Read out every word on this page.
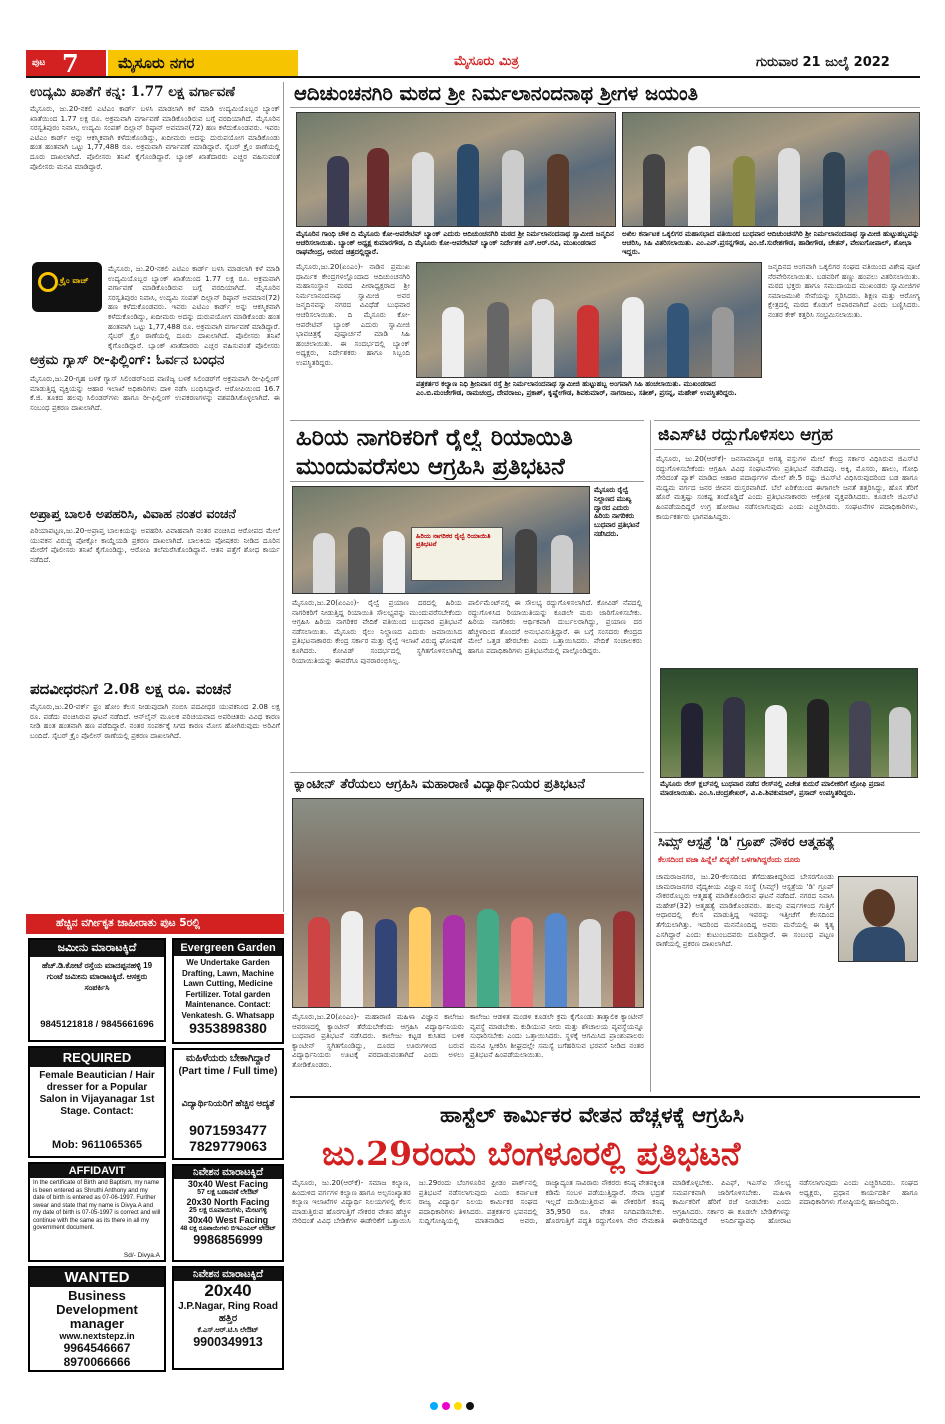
ಪುಟ 7	ಮೈಸೂರು ನಗರ	ಮೈಸೂರು ಮಿತ್ರ	ಗುರುವಾರ 21 ಜುಲೈ 2022
ಉದ್ಯಮಿ ಖಾತೆಗೆ ಕನ್ನ: 1.77 ಲಕ್ಷ ವರ್ಗಾವಣೆ
ಮೈಸೂರು, ಜು.20-ನಕಲಿ ಎಟಿಎಂ ಕಾರ್ಡ್ ಬಳಸಿ ಮಾಡಲಾಗಿ ಕಳೆ ಮಾಡಿ ಉದ್ಯಮಿಯೊಬ್ಬರ ಬ್ಯಾಂಕ್ ಖಾತೆಯಿಂದ 1.77 ಲಕ್ಷ ರೂ. ಅಕ್ರಮವಾಗಿ ವರ್ಗಾವಣೆ ಮಾಡಿಕೊಂಡಿರುವ ಬಗ್ಗೆ ವರದಿಯಾಗಿದೆ. ಮೈಸೂರಿನ ಸರಸ್ವತಿಪುರಂ ನಿವಾಸಿ, ಉದ್ಯಮಿ ಸಂಪತ್ ದಿಲ್ಲಾನ್ ರಿಷ್ಠಾನ್ ಅವಮಾನ(72) ಹಣ ಕಳೆದುಕೊಂಡವರು. ಇವರು ಎಟಿಎಂ ಕಾರ್ಡ್ ಅನ್ನು ಆಕಸ್ಮಿಕವಾಗಿ ಕಳೆದುಕೊಂಡಿದ್ದು, ಖದೀಮರು ಅದನ್ನು ದುರುಪಯೋಗ ಮಾಡಿಕೊಂಡು ಹಂತ ಹಂತವಾಗಿ ಒಟ್ಟು 1,77,488 ರೂ. ಅಕ್ರಮವಾಗಿ ವರ್ಗಾವಣೆ ಮಾಡಿದ್ದಾರೆ. ಸೈಬರ್ ಕ್ರೈಂ ಠಾಣೆಯಲ್ಲಿ ದೂರು ದಾಖಲಾಗಿದೆ. ಪೊಲೀಸರು ತನಿಖೆ ಕೈಗೊಂಡಿದ್ದಾರೆ. ಬ್ಯಾಂಕ್ ಖಾತೆದಾರರು ಎಚ್ಚರ ವಹಿಸುವಂತೆ ಪೊಲೀಸರು ಮನವಿ ಮಾಡಿದ್ದಾರೆ.
ಕ್ರೈಂ ವಾಚ್
ಮೈಸೂರು, ಜು.20-ನಕಲಿ ಎಟಿಎಂ ಕಾರ್ಡ್ ಬಳಸಿ ಮಾಡಲಾಗಿ ಕಳೆ ಮಾಡಿ ಉದ್ಯಮಿಯೊಬ್ಬರ ಬ್ಯಾಂಕ್ ಖಾತೆಯಿಂದ 1.77 ಲಕ್ಷ ರೂ. ಅಕ್ರಮವಾಗಿ ವರ್ಗಾವಣೆ ಮಾಡಿಕೊಂಡಿರುವ ಬಗ್ಗೆ ವರದಿಯಾಗಿದೆ. ಮೈಸೂರಿನ ಸರಸ್ವತಿಪುರಂ ನಿವಾಸಿ, ಉದ್ಯಮಿ ಸಂಪತ್ ದಿಲ್ಲಾನ್ ರಿಷ್ಠಾನ್ ಅವಮಾನ(72) ಹಣ ಕಳೆದುಕೊಂಡವರು. ಇವರು ಎಟಿಎಂ ಕಾರ್ಡ್ ಅನ್ನು ಆಕಸ್ಮಿಕವಾಗಿ ಕಳೆದುಕೊಂಡಿದ್ದು, ಖದೀಮರು ಅದನ್ನು ದುರುಪಯೋಗ ಮಾಡಿಕೊಂಡು ಹಂತ ಹಂತವಾಗಿ ಒಟ್ಟು 1,77,488 ರೂ. ಅಕ್ರಮವಾಗಿ ವರ್ಗಾವಣೆ ಮಾಡಿದ್ದಾರೆ. ಸೈಬರ್ ಕ್ರೈಂ ಠಾಣೆಯಲ್ಲಿ ದೂರು ದಾಖಲಾಗಿದೆ. ಪೊಲೀಸರು ತನಿಖೆ ಕೈಗೊಂಡಿದ್ದಾರೆ. ಬ್ಯಾಂಕ್ ಖಾತೆದಾರರು ಎಚ್ಚರ ವಹಿಸುವಂತೆ ಪೊಲೀಸರು
ಅಕ್ರಮ ಗ್ಯಾಸ್ ರೀ-ಫಿಲ್ಲಿಂಗ್: ಓರ್ವನ ಬಂಧನ
ಮೈಸೂರು,ಜು.20-ಗೃಹ ಬಳಕೆ ಗ್ಯಾಸ್ ಸಿಲಿಂಡರ್‌ನಿಂದ ವಾಣಿಜ್ಯ ಬಳಕೆ ಸಿಲಿಂಡರ್‌ಗೆ ಅಕ್ರಮವಾಗಿ ರೀ-ಫಿಲ್ಲಿಂಗ್ ಮಾಡುತ್ತಿದ್ದ ವ್ಯಕ್ತಿಯನ್ನು ಆಹಾರ ಇಲಾಖೆ ಅಧಿಕಾರಿಗಳು ದಾಳಿ ನಡೆಸಿ ಬಂಧಿಸಿದ್ದಾರೆ. ಆರೋಪಿಯಿಂದ 16.7 ಕೆ.ಜಿ. ತೂಕದ ಹಲವು ಸಿಲಿಂಡರ್‌ಗಳು ಹಾಗೂ ರೀ-ಫಿಲ್ಲಿಂಗ್ ಉಪಕರಣಗಳನ್ನು ವಶಪಡಿಸಿಕೊಳ್ಳಲಾಗಿದೆ. ಈ ಸಂಬಂಧ ಪ್ರಕರಣ ದಾಖಲಾಗಿದೆ.
ಅಪ್ರಾಪ್ತ ಬಾಲಕಿ ಅಪಹರಿಸಿ, ವಿವಾಹ ನಂತರ ವಂಚನೆ
ಪಿರಿಯಾಪಟ್ಟಣ,ಜು.20-ಅಪ್ರಾಪ್ತ ಬಾಲಕಿಯನ್ನು ಅಪಹರಿಸಿ ವಿವಾಹವಾಗಿ ನಂತರ ವಂಚಿಸಿದ ಆರೋಪದ ಮೇಲೆ ಯುವಕನ ವಿರುದ್ಧ ಪೋಕ್ಸೋ ಕಾಯ್ದೆಯಡಿ ಪ್ರಕರಣ ದಾಖಲಾಗಿದೆ. ಬಾಲಕಿಯ ಪೋಷಕರು ನೀಡಿದ ದೂರಿನ ಮೇರೆಗೆ ಪೊಲೀಸರು ತನಿಖೆ ಕೈಗೊಂಡಿದ್ದು, ಆರೋಪಿ ತಲೆಮರೆಸಿಕೊಂಡಿದ್ದಾನೆ. ಆತನ ಪತ್ತೆಗೆ ಶೋಧ ಕಾರ್ಯ ನಡೆದಿದೆ.
ಪದವೀಧರನಿಗೆ 2.08 ಲಕ್ಷ ರೂ. ವಂಚನೆ
ಮೈಸೂರು,ಜು.20-ವರ್ಕ್ ಫ್ರಂ ಹೋಂ ಕೆಲಸ ನೀಡುವುದಾಗಿ ನಂಬಿಸಿ ಪದವೀಧರ ಯುವಕನಿಂದ 2.08 ಲಕ್ಷ ರೂ. ಪಡೆದು ವಂಚಿಸಿರುವ ಘಟನೆ ನಡೆದಿದೆ. ಆನ್‌ಲೈನ್ ಮೂಲಕ ಪರಿಚಯವಾದ ಅಪರಿಚಿತರು ವಿವಿಧ ಕಾರಣ ನೀಡಿ ಹಂತ ಹಂತವಾಗಿ ಹಣ ಪಡೆದಿದ್ದಾರೆ. ನಂತರ ಸಂಪರ್ಕಕ್ಕೆ ಸಿಗದ ಕಾರಣ ಮೋಸ ಹೋಗಿರುವುದು ಅರಿವಿಗೆ ಬಂದಿದೆ. ಸೈಬರ್ ಕ್ರೈಂ ಪೊಲೀಸ್ ಠಾಣೆಯಲ್ಲಿ ಪ್ರಕರಣ ದಾಖಲಾಗಿದೆ.
ಹೆಚ್ಚಿನ ವರ್ಗೀಕೃತ ಜಾಹೀರಾತು ಪುಟ 5ರಲ್ಲಿ
ಜಮೀನು ಮಾರಾಟಕ್ಕಿದೆ
ಹೆಚ್.ಡಿ.ಕೋಟೆ ರಸ್ತೆಯ ಮಾದಪ್ಪನಹಳ್ಳಿ 19 ಗುಂಟೆ ಜಮೀನು ಮಾರಾಟಕ್ಕಿದೆ. ಆಸಕ್ತರು ಸಂಪರ್ಕಿಸಿ
9845121818 / 9845661696
Evergreen Garden
We Undertake Garden Drafting, Lawn, Machine Lawn Cutting, Medicine Fertilizer. Total garden Maintenance. Contact: Venkatesh. G. Whatsapp
9353898380
REQUIRED
Female Beautician / Hair dresser for a Popular Salon in Vijayanagar 1st Stage. Contact:
Mob: 9611065365
ಮಹಿಳೆಯರು ಬೇಕಾಗಿದ್ದಾರೆ (Part time / Full time)
ವಿದ್ಯಾರ್ಥಿನಿಯರಿಗೆ ಹೆಚ್ಚಿನ ಆದ್ಯತೆ
9071593477
7829779063
AFFIDAVIT
In the certificate of Birth and Baptism, my name is been entered as Shruthi Anthony and my date of birth is entered as 07-06-1997. Further swear and state that my name is Divya.A and my date of birth is 07-05-1997 is correct and will continue with the same as its there in all my government document.
Sd/- Divya.A
ನಿವೇಶನ ಮಾರಾಟಕ್ಕಿದೆ
30x40 West Facing
57 ಲಕ್ಷ ಬಡಾವಣೆ ಲೇಔಟ್
20x30 North Facing
25 ಲಕ್ಷ ರೂಪಾಯಿಗಳು, ಮೇಟಗಳ್ಳಿ
30x40 West Facing
48 ಲಕ್ಷ ರೂಪಾಯಿಗಳು ಬಿಇಎಂಎಲ್ ಲೇಔಟ್
9986856999
WANTED
Business Development manager
www.nextstepz.in
9964546667
8970066666
ನಿವೇಶನ ಮಾರಾಟಕ್ಕಿದೆ
20x40
J.P.Nagar, Ring Road ಹತ್ತಿರ
ಕೆ.ಎಸ್.ಆರ್.ಟಿ.ಸಿ ಲೇಔಟ್
9900349913
ಆದಿಚುಂಚನಗಿರಿ ಮಠದ ಶ್ರೀ ನಿರ್ಮಲಾನಂದನಾಥ ಶ್ರೀಗಳ ಜಯಂತಿ
ಮೈಸೂರಿನ ಗಾಂಧಿ ಚೌಕ ದಿ ಮೈಸೂರು ಕೋ-ಆಪರೇಟಿವ್ ಬ್ಯಾಂಕ್ ಎದುರು ಆದಿಚುಂಚನಗಿರಿ ಮಠದ ಶ್ರೀ ನಿರ್ಮಲಾನಂದನಾಥ ಸ್ವಾಮೀಜಿ ಜನ್ಮದಿನ ಆಚರಿಸಲಾಯಿತು. ಬ್ಯಾಂಕ್ ಅಧ್ಯಕ್ಷ ಕುಮಾರಗೌಡ, ದಿ ಮೈಸೂರು ಕೋ-ಆಪರೇಟಿವ್ ಬ್ಯಾಂಕ್ ನಿರ್ದೇಶಕ ಎಸ್.ಆರ್.ರವಿ, ಮುಖಂಡರಾದ ರಾಘವೇಂದ್ರ, ಆನಂದ ಚಿತ್ರದಲ್ಲಿದ್ದಾರೆ.
ಅಖಿಲ ಕರ್ನಾಟಕ ಒಕ್ಕಲಿಗರ ಮಹಾಸಭಾದ ವತಿಯಿಂದ ಬುಧವಾರ ಆದಿಚುಂಚನಗಿರಿ ಶ್ರೀ ನಿರ್ಮಲಾನಂದನಾಥ ಸ್ವಾಮೀಜಿ ಹುಟ್ಟುಹಬ್ಬವನ್ನು ಆಚರಿಸಿ, ಸಿಹಿ ವಿತರಿಸಲಾಯಿತು. ಎಂ.ಎನ್.ಪ್ರಸನ್ನಗೌಡ, ಎಂ.ಜೆ.ಸುರೇಶಗೌಡ, ಹಾಡೀಗೌಡ, ಚೇತನ್, ವೇಣುಗೋಪಾಲ್, ಶೋಭಾ ಇದ್ದರು.
ಮೈಸೂರು,ಜು.20(ಏಂಎಂ)- ನಾಡಿನ ಪ್ರಮುಖ ಧಾರ್ಮಿಕ ಕೇಂದ್ರಗಳಲ್ಲೊಂದಾದ ಆದಿಚುಂಚನಗಿರಿ ಮಹಾಸಂಸ್ಥಾನ ಮಠದ ಪೀಠಾಧ್ಯಕ್ಷರಾದ ಶ್ರೀ ನಿರ್ಮಲಾನಂದನಾಥ ಸ್ವಾಮೀಜಿ ಅವರ ಜನ್ಮದಿನವನ್ನು ನಗರದ ವಿವಿಧೆಡೆ ಬುಧವಾರ ಆಚರಿಸಲಾಯಿತು. ದಿ ಮೈಸೂರು ಕೋ-ಆಪರೇಟಿವ್ ಬ್ಯಾಂಕ್ ಎದುರು ಸ್ವಾಮೀಜಿ ಭಾವಚಿತ್ರಕ್ಕೆ ಪುಷ್ಪಾರ್ಚನೆ ಮಾಡಿ ಸಿಹಿ ಹಂಚಲಾಯಿತು. ಈ ಸಂದರ್ಭದಲ್ಲಿ ಬ್ಯಾಂಕ್ ಅಧ್ಯಕ್ಷರು, ನಿರ್ದೇಶಕರು ಹಾಗೂ ಸಿಬ್ಬಂದಿ ಉಪಸ್ಥಿತರಿದ್ದರು.
ಪತ್ರಕರ್ತರ ಕಲ್ಯಾಣ ನಿಧಿ ಶ್ರೀನಿವಾಸ ರಸ್ತೆ ಶ್ರೀ ನಿರ್ಮಲಾನಂದನಾಥ ಸ್ವಾಮೀಜಿ ಹುಟ್ಟುಹಬ್ಬ ಅಂಗವಾಗಿ ಸಿಹಿ ಹಂಚಲಾಯಿತು. ಮುಖಂಡರಾದ ಎಂ.ಬಿ.ಮಂಜೇಗೌಡ, ರಾಮಚಂದ್ರ, ದೇವರಾಜು, ಪ್ರಕಾಶ್, ಕೃಷ್ಣೇಗೌಡ, ಶಿವಕುಮಾರ್, ನಾಗರಾಜು, ಸತೀಶ್, ಪ್ರಸನ್ನ, ಮಹೇಶ್ ಉಪಸ್ಥಿತರಿದ್ದರು.
ಜನ್ಮದಿನದ ಅಂಗವಾಗಿ ಒಕ್ಕಲಿಗರ ಸಂಘದ ವತಿಯಿಂದ ವಿಶೇಷ ಪೂಜೆ ನೆರವೇರಿಸಲಾಯಿತು. ಬಡವರಿಗೆ ಹಣ್ಣು ಹಂಪಲು ವಿತರಿಸಲಾಯಿತು. ಮಠದ ಭಕ್ತರು ಹಾಗೂ ಸಮುದಾಯದ ಮುಖಂಡರು ಸ್ವಾಮೀಜಿಗಳ ಸಮಾಜಮುಖಿ ಸೇವೆಯನ್ನು ಸ್ಮರಿಸಿದರು. ಶಿಕ್ಷಣ ಮತ್ತು ಆರೋಗ್ಯ ಕ್ಷೇತ್ರದಲ್ಲಿ ಮಠದ ಕೊಡುಗೆ ಅಪಾರವಾಗಿದೆ ಎಂದು ಬಣ್ಣಿಸಿದರು. ನಂತರ ಕೇಕ್ ಕತ್ತರಿಸಿ ಸಂಭ್ರಮಿಸಲಾಯಿತು.
ಹಿರಿಯ ನಾಗರಿಕರಿಗೆ ರೈಲ್ವೆ ರಿಯಾಯಿತಿ
ಮುಂದುವರೆಸಲು ಆಗ್ರಹಿಸಿ ಪ್ರತಿಭಟನೆ
ಹಿರಿಯ ನಾಗರಿಕರ ರೈಲ್ವೆ ರಿಯಾಯಿತಿ ಪ್ರತಿಭಟನೆ
ಮೈಸೂರು ರೈಲ್ವೆ ನಿಲ್ದಾಣದ ಮುಖ್ಯ ದ್ವಾರದ ಎದುರು ಹಿರಿಯ ನಾಗರಿಕರು ಬುಧವಾರ ಪ್ರತಿಭಟನೆ ನಡೆಸಿದರು.
ಮೈಸೂರು,ಜು.20(ಏಂಎಂ)- ರೈಲ್ವೆ ಪ್ರಯಾಣ ದರದಲ್ಲಿ ಹಿರಿಯ ನಾಗರಿಕರಿಗೆ ನೀಡುತ್ತಿದ್ದ ರಿಯಾಯಿತಿ ಸೌಲಭ್ಯವನ್ನು ಮುಂದುವರೆಸಬೇಕೆಂದು ಆಗ್ರಹಿಸಿ ಹಿರಿಯ ನಾಗರಿಕರ ವೇದಿಕೆ ವತಿಯಿಂದ ಬುಧವಾರ ಪ್ರತಿಭಟನೆ ನಡೆಸಲಾಯಿತು. ಮೈಸೂರು ರೈಲು ನಿಲ್ದಾಣದ ಎದುರು ಜಮಾಯಿಸಿದ ಪ್ರತಿಭಟನಾಕಾರರು ಕೇಂದ್ರ ಸರ್ಕಾರ ಮತ್ತು ರೈಲ್ವೆ ಇಲಾಖೆ ವಿರುದ್ಧ ಘೋಷಣೆ ಕೂಗಿದರು. ಕೋವಿಡ್ ಸಂದರ್ಭದಲ್ಲಿ ಸ್ಥಗಿತಗೊಳಿಸಲಾಗಿದ್ದ ರಿಯಾಯಿತಿಯನ್ನು ಈವರೆಗೂ ಪುನರಾರಂಭಿಸಿಲ್ಲ.
ಪಾರ್ಲಿಮೆಂಟ್‌ನಲ್ಲಿ ಈ ಸೌಲಭ್ಯ ರದ್ದುಗೊಳಿಸಲಾಗಿದೆ. ಕೋವಿಡ್ ನೆಪದಲ್ಲಿ ರದ್ದುಗೊಳಿಸಿದ ರಿಯಾಯಿತಿಯನ್ನು ಕೂಡಲೇ ಮರು ಜಾರಿಗೊಳಿಸಬೇಕು. ಹಿರಿಯ ನಾಗರಿಕರು ಆರ್ಥಿಕವಾಗಿ ದುರ್ಬಲರಾಗಿದ್ದು, ಪ್ರಯಾಣ ದರ ಹೆಚ್ಚಳದಿಂದ ತೊಂದರೆ ಅನುಭವಿಸುತ್ತಿದ್ದಾರೆ. ಈ ಬಗ್ಗೆ ಸಂಸದರು ಕೇಂದ್ರದ ಮೇಲೆ ಒತ್ತಡ ಹೇರಬೇಕು ಎಂದು ಒತ್ತಾಯಿಸಿದರು. ವೇದಿಕೆ ಸಂಚಾಲಕರು ಹಾಗೂ ಪದಾಧಿಕಾರಿಗಳು ಪ್ರತಿಭಟನೆಯಲ್ಲಿ ಪಾಲ್ಗೊಂಡಿದ್ದರು.
ಕ್ಯಾಂಟೀನ್ ತೆರೆಯಲು ಆಗ್ರಹಿಸಿ ಮಹಾರಾಣಿ ವಿದ್ಯಾರ್ಥಿನಿಯರ ಪ್ರತಿಭಟನೆ
ಮೈಸೂರು,ಜು.20(ಏಂಎಂ)- ಮಹಾರಾಣಿ ಮಹಿಳಾ ವಿಜ್ಞಾನ ಕಾಲೇಜು ಆವರಣದಲ್ಲಿ ಕ್ಯಾಂಟೀನ್ ತೆರೆಯಬೇಕೆಂದು ಆಗ್ರಹಿಸಿ ವಿದ್ಯಾರ್ಥಿನಿಯರು ಬುಧವಾರ ಪ್ರತಿಭಟನೆ ನಡೆಸಿದರು. ಕಾಲೇಜು ಕಟ್ಟಡ ಕುಸಿತದ ಬಳಿಕ ಕ್ಯಾಂಟೀನ್ ಸ್ಥಗಿತಗೊಂಡಿದ್ದು, ದೂರದ ಊರುಗಳಿಂದ ಬರುವ ವಿದ್ಯಾರ್ಥಿನಿಯರು ಊಟಕ್ಕೆ ಪರದಾಡುವಂತಾಗಿದೆ ಎಂದು ಅಳಲು ತೋಡಿಕೊಂಡರು.
ಕಾಲೇಜು ಆಡಳಿತ ಮಂಡಳಿ ಕೂಡಲೇ ಕ್ರಮ ಕೈಗೊಂಡು ತಾತ್ಕಾಲಿಕ ಕ್ಯಾಂಟೀನ್ ವ್ಯವಸ್ಥೆ ಮಾಡಬೇಕು. ಕುಡಿಯುವ ನೀರು ಮತ್ತು ಶೌಚಾಲಯ ವ್ಯವಸ್ಥೆಯನ್ನೂ ಸುಧಾರಿಸಬೇಕು ಎಂದು ಒತ್ತಾಯಿಸಿದರು. ಸ್ಥಳಕ್ಕೆ ಆಗಮಿಸಿದ ಪ್ರಾಂಶುಪಾಲರು ಮನವಿ ಸ್ವೀಕರಿಸಿ ಶೀಘ್ರದಲ್ಲೇ ಸಮಸ್ಯೆ ಬಗೆಹರಿಸುವ ಭರವಸೆ ನೀಡಿದ ನಂತರ ಪ್ರತಿಭಟನೆ ಹಿಂಪಡೆಯಲಾಯಿತು.
ಜಿಎಸ್‌ಟಿ ರದ್ದುಗೊಳಿಸಲು ಆಗ್ರಹ
ಮೈಸೂರು, ಜು.20(ಆರ್‌ಕೆ)- ಜನಸಾಮಾನ್ಯರ ಅಗತ್ಯ ವಸ್ತುಗಳ ಮೇಲೆ ಕೇಂದ್ರ ಸರ್ಕಾರ ವಿಧಿಸಿರುವ ಜಿಎಸ್‌ಟಿ ರದ್ದುಗೊಳಿಸಬೇಕೆಂದು ಆಗ್ರಹಿಸಿ ವಿವಿಧ ಸಂಘಟನೆಗಳು ಪ್ರತಿಭಟನೆ ನಡೆಸಿದವು. ಅಕ್ಕಿ, ಮೊಸರು, ಹಾಲು, ಗೋಧಿ ಸೇರಿದಂತೆ ಪ್ಯಾಕ್ ಮಾಡಿದ ಆಹಾರ ಪದಾರ್ಥಗಳ ಮೇಲೆ ಶೇ.5 ರಷ್ಟು ಜಿಎಸ್‌ಟಿ ವಿಧಿಸಿರುವುದರಿಂದ ಬಡ ಹಾಗೂ ಮಧ್ಯಮ ವರ್ಗದ ಜನರ ಜೀವನ ದುಸ್ತರವಾಗಿದೆ. ಬೆಲೆ ಏರಿಕೆಯಿಂದ ಈಗಾಗಲೇ ಜನತೆ ತತ್ತರಿಸಿದ್ದು, ಹೊಸ ತೆರಿಗೆ ಹೊರೆ ಮತ್ತಷ್ಟು ಸಂಕಷ್ಟ ತಂದೊಡ್ಡಿದೆ ಎಂದು ಪ್ರತಿಭಟನಾಕಾರರು ಆಕ್ರೋಶ ವ್ಯಕ್ತಪಡಿಸಿದರು. ಕೂಡಲೇ ಜಿಎಸ್‌ಟಿ ಹಿಂಪಡೆಯದಿದ್ದರೆ ಉಗ್ರ ಹೋರಾಟ ನಡೆಸಲಾಗುವುದು ಎಂದು ಎಚ್ಚರಿಸಿದರು. ಸಂಘಟನೆಗಳ ಪದಾಧಿಕಾರಿಗಳು, ಕಾರ್ಯಕರ್ತರು ಭಾಗವಹಿಸಿದ್ದರು.
ಮೈಸೂರು ರೇಸ್ ಕ್ಲಬ್‌ನಲ್ಲಿ ಬುಧವಾರ ನಡೆದ ರೇಸ್‌ನಲ್ಲಿ ವಿಜೇತ ಕುದುರೆ ಮಾಲೀಕರಿಗೆ ಟ್ರೋಫಿ ಪ್ರದಾನ ಮಾಡಲಾಯಿತು. ಎಂ.ಸಿ.ಚಂದ್ರಶೇಖರ್, ವಿ.ಪಿ.ಶಿವಕುಮಾರ್, ಪ್ರಸಾದ್ ಉಪಸ್ಥಿತರಿದ್ದರು.
ಸಿಮ್ಸ್ ಆಸ್ಪತ್ರೆ 'ಡಿ' ಗ್ರೂಪ್ ನೌಕರ ಆತ್ಮಹತ್ಯೆ
ಕೆಲಸದಿಂದ ವಜಾ ಹಿನ್ನೆಲೆ ಖಿನ್ನತೆಗೆ ಒಳಗಾಗಿದ್ದರೆಂದು ದೂರು
ಚಾಮರಾಜನಗರ, ಜು.20-ಕೆಲಸದಿಂದ ತೆಗೆದುಹಾಕಿದ್ದರಿಂದ ಬೇಸರಗೊಂಡು ಚಾಮರಾಜನಗರ ವೈದ್ಯಕೀಯ ವಿಜ್ಞಾನ ಸಂಸ್ಥೆ (ಸಿಮ್ಸ್) ಆಸ್ಪತ್ರೆಯ 'ಡಿ' ಗ್ರೂಪ್ ನೌಕರರೊಬ್ಬರು ಆತ್ಮಹತ್ಯೆ ಮಾಡಿಕೊಂಡಿರುವ ಘಟನೆ ನಡೆದಿದೆ. ನಗರದ ನಿವಾಸಿ ಮಹೇಶ್(32) ಆತ್ಮಹತ್ಯೆ ಮಾಡಿಕೊಂಡವರು. ಹಲವು ವರ್ಷಗಳಿಂದ ಗುತ್ತಿಗೆ ಆಧಾರದಲ್ಲಿ ಕೆಲಸ ಮಾಡುತ್ತಿದ್ದ ಇವರನ್ನು ಇತ್ತೀಚೆಗೆ ಕೆಲಸದಿಂದ ತೆಗೆಯಲಾಗಿತ್ತು. ಇದರಿಂದ ಮನನೊಂದಿದ್ದ ಅವರು ಮನೆಯಲ್ಲಿ ಈ ಕೃತ್ಯ ಎಸಗಿದ್ದಾರೆ ಎಂದು ಕುಟುಂಬದವರು ದೂರಿದ್ದಾರೆ. ಈ ಸಂಬಂಧ ಪಟ್ಟಣ ಠಾಣೆಯಲ್ಲಿ ಪ್ರಕರಣ ದಾಖಲಾಗಿದೆ.
ಹಾಸ್ಟೆಲ್ ಕಾರ್ಮಿಕರ ವೇತನ ಹೆಚ್ಚಳಕ್ಕೆ ಆಗ್ರಹಿಸಿ
ಜು.29ರಂದು ಬೆಂಗಳೂರಲ್ಲಿ ಪ್ರತಿಭಟನೆ
ಮೈಸೂರು, ಜು.20(ಆರ್‌ಕೆ)- ಸಮಾಜ ಕಲ್ಯಾಣ, ಹಿಂದುಳಿದ ವರ್ಗಗಳ ಕಲ್ಯಾಣ ಹಾಗೂ ಅಲ್ಪಸಂಖ್ಯಾತರ ಕಲ್ಯಾಣ ಇಲಾಖೆಗಳ ವಿದ್ಯಾರ್ಥಿ ನಿಲಯಗಳಲ್ಲಿ ಕೆಲಸ ಮಾಡುತ್ತಿರುವ ಹೊರಗುತ್ತಿಗೆ ನೌಕರರ ವೇತನ ಹೆಚ್ಚಳ ಸೇರಿದಂತೆ ವಿವಿಧ ಬೇಡಿಕೆಗಳ ಈಡೇರಿಕೆಗೆ ಒತ್ತಾಯಿಸಿ ಜು.29ರಂದು ಬೆಂಗಳೂರಿನ ಫ್ರೀಡಂ ಪಾರ್ಕ್‌ನಲ್ಲಿ ಪ್ರತಿಭಟನೆ ನಡೆಸಲಾಗುವುದು ಎಂದು ಕರ್ನಾಟಕ ರಾಜ್ಯ ವಿದ್ಯಾರ್ಥಿ ನಿಲಯ ಕಾರ್ಮಿಕರ ಸಂಘದ ಪದಾಧಿಕಾರಿಗಳು ತಿಳಿಸಿದರು. ಪತ್ರಕರ್ತರ ಭವನದಲ್ಲಿ ಸುದ್ದಿಗೋಷ್ಠಿಯಲ್ಲಿ ಮಾತನಾಡಿದ ಅವರು, ರಾಜ್ಯಾದ್ಯಂತ ಸಾವಿರಾರು ನೌಕರರು ಕನಿಷ್ಠ ವೇತನಕ್ಕಿಂತ ಕಡಿಮೆ ಸಂಬಳ ಪಡೆಯುತ್ತಿದ್ದಾರೆ. ಸೇವಾ ಭದ್ರತೆ ಇಲ್ಲದೆ ದುಡಿಯುತ್ತಿರುವ ಈ ನೌಕರರಿಗೆ ಕನಿಷ್ಠ 35,950 ರೂ. ವೇತನ ನಿಗದಿಪಡಿಸಬೇಕು. ಹೊರಗುತ್ತಿಗೆ ಪದ್ಧತಿ ರದ್ದುಗೊಳಿಸಿ ನೇರ ನೇಮಕಾತಿ ಮಾಡಿಕೊಳ್ಳಬೇಕು. ಪಿಎಫ್, ಇಎಸ್‌ಐ ಸೌಲಭ್ಯ ಸಮರ್ಪಕವಾಗಿ ಜಾರಿಗೊಳಿಸಬೇಕು. ಮಹಿಳಾ ಕಾರ್ಮಿಕರಿಗೆ ಹೆರಿಗೆ ರಜೆ ನೀಡಬೇಕು ಎಂದು ಆಗ್ರಹಿಸಿದರು. ಸರ್ಕಾರ ಈ ಕೂಡಲೇ ಬೇಡಿಕೆಗಳನ್ನು ಈಡೇರಿಸದಿದ್ದರೆ ಅನಿರ್ದಿಷ್ಟಾವಧಿ ಹೋರಾಟ ನಡೆಸಲಾಗುವುದು ಎಂದು ಎಚ್ಚರಿಸಿದರು. ಸಂಘದ ಅಧ್ಯಕ್ಷರು, ಪ್ರಧಾನ ಕಾರ್ಯದರ್ಶಿ ಹಾಗೂ ಪದಾಧಿಕಾರಿಗಳು ಗೋಷ್ಠಿಯಲ್ಲಿ ಹಾಜರಿದ್ದರು.
